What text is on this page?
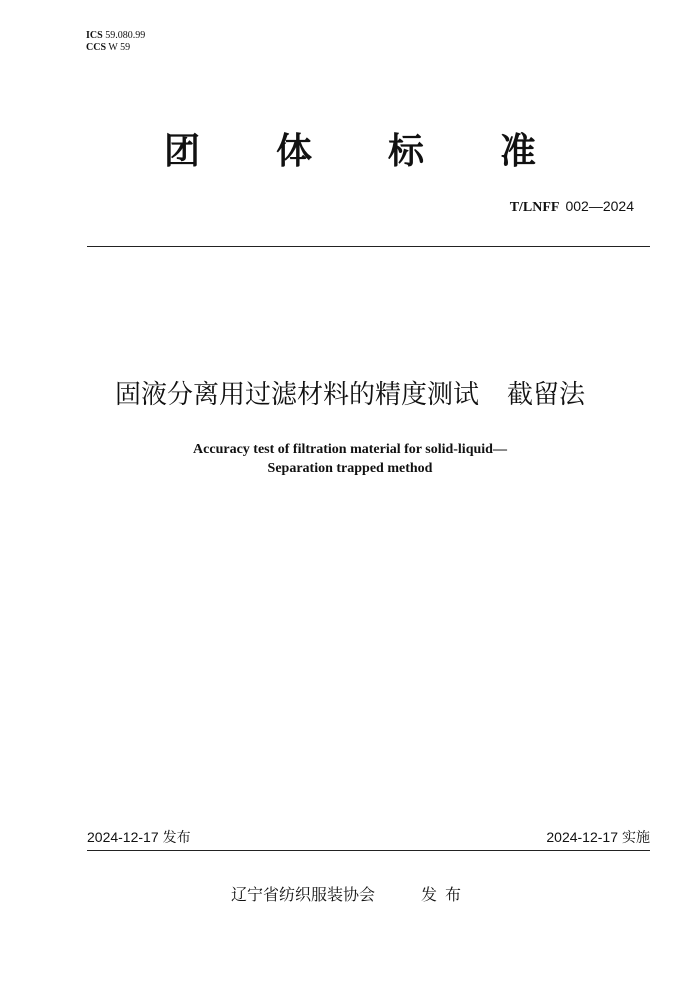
ICS 59.080.99
CCS W 59
团 体 标 准
T/LNFF 002—2024
固液分离用过滤材料的精度测试 截留法
Accuracy test of filtration material for solid-liquid—
Separation trapped method
2024-12-17 发布	2024-12-17 实施
辽宁省纺织服装协会	发布
